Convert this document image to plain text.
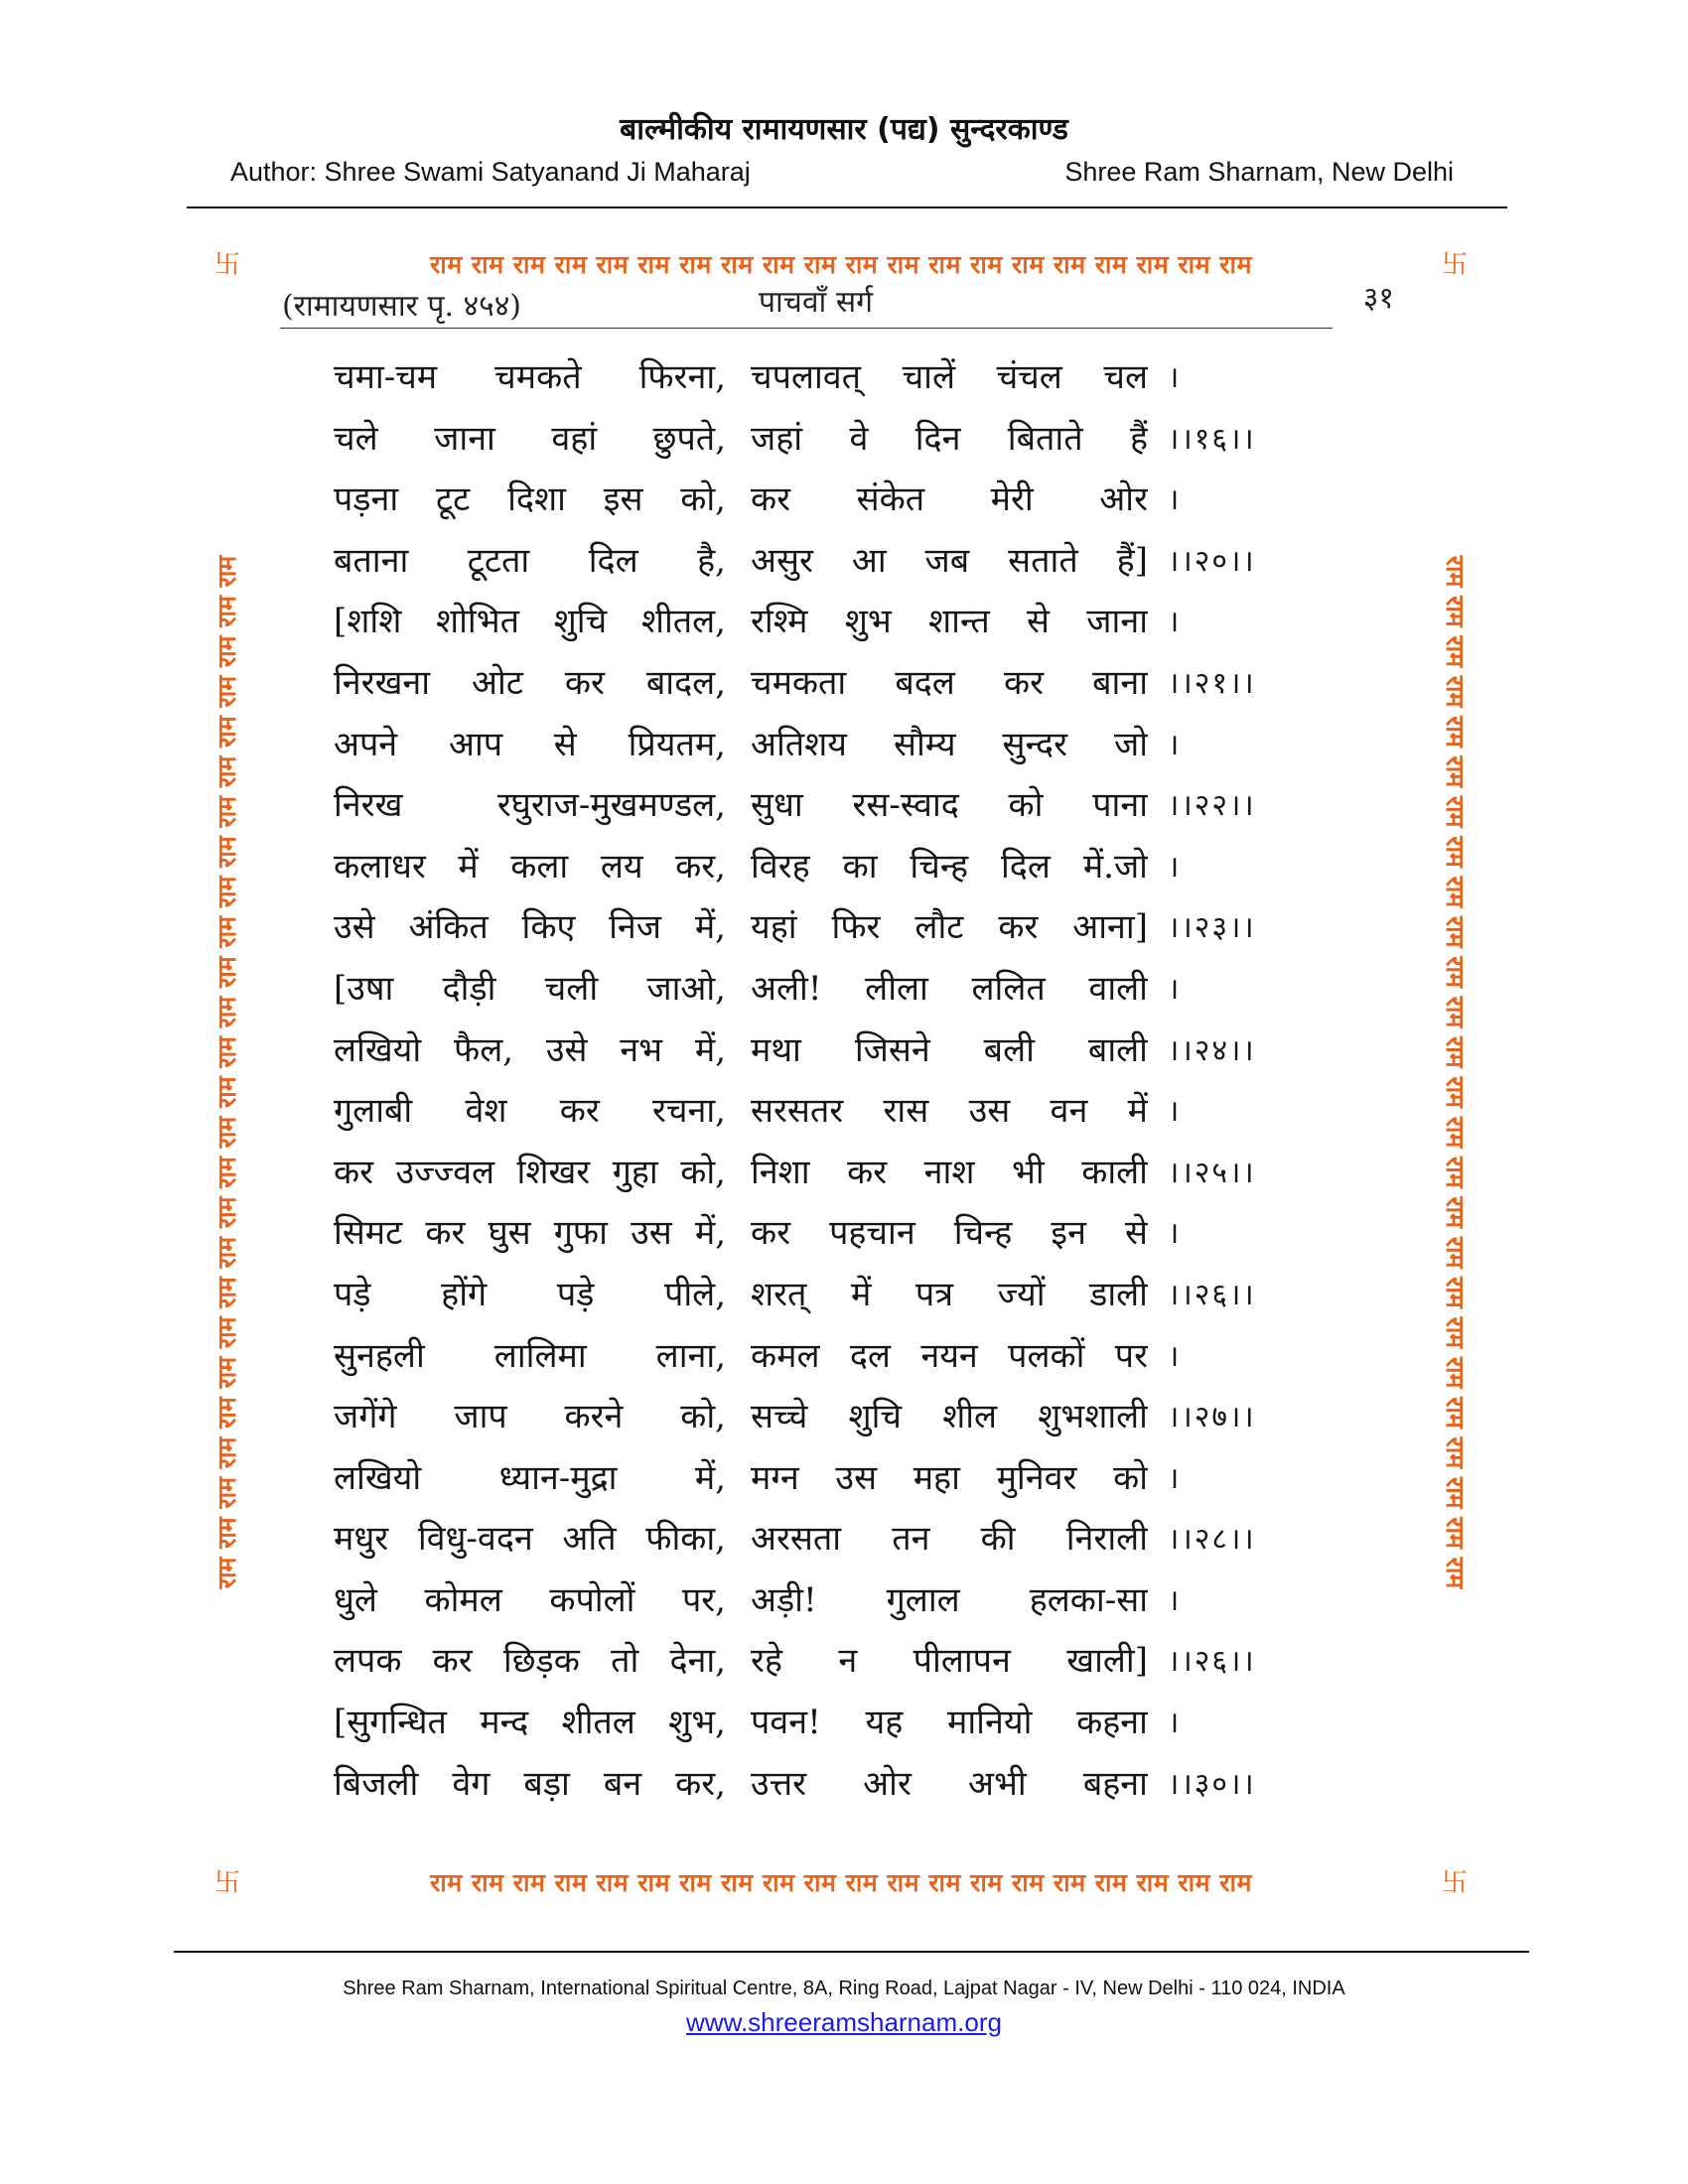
बाल्मीकीय रामायणसार (पद्य) सुन्दरकाण्ड
Author: Shree Swami Satyanand Ji Maharaj	Shree Ram Sharnam, New Delhi
卐	卐
卐	卐
राम राम राम राम राम राम राम राम राम राम राम राम राम राम राम राम राम राम राम राम
राम राम राम राम राम राम राम राम राम राम राम राम राम राम राम राम राम राम राम राम
राम राम राम राम राम राम राम राम राम राम राम राम राम राम राम राम राम राम राम राम राम राम राम राम राम राम	राम राम राम राम राम राम राम राम राम राम राम राम राम राम राम राम राम राम राम राम राम राम राम राम राम राम
(रामायणसार पृ. ४५४)	पाचवाँ सर्ग	३१
चमा-चम चमकते फिरना, चपलावत् चालें चंचल चल ।
चले जाना वहां छुपते, जहां वे दिन बिताते हैं ।।१६।।
पड़ना टूट दिशा इस को, कर संकेत मेरी ओर ।
बताना टूटता दिल है, असुर आ जब सताते हैं] ।।२०।।
[शशि शोभित शुचि शीतल, रश्मि शुभ शान्त से जाना ।
निरखना ओट कर बादल, चमकता बदल कर बाना ।।२१।।
अपने आप से प्रियतम, अतिशय सौम्य सुन्दर जो ।
निरख रघुराज-मुखमण्डल, सुधा रस-स्वाद को पाना ।।२२।।
कलाधर में कला लय कर, विरह का चिन्ह दिल में.जो ।
उसे अंकित किए निज में, यहां फिर लौट कर आना] ।।२३।।
[उषा दौड़ी चली जाओ, अली! लीला ललित वाली ।
लखियो फैल, उसे नभ में, मथा जिसने बली बाली ।।२४।।
गुलाबी वेश कर रचना, सरसतर रास उस वन में ।
कर उज्ज्वल शिखर गुहा को, निशा कर नाश भी काली ।।२५।।
सिमट कर घुस गुफा उस में, कर पहचान चिन्ह इन से ।
पड़े होंगे पड़े पीले, शरत् में पत्र ज्यों डाली ।।२६।।
सुनहली लालिमा लाना, कमल दल नयन पलकों पर ।
जगेंगे जाप करने को, सच्चे शुचि शील शुभशाली ।।२७।।
लखियो ध्यान-मुद्रा में, मग्न उस महा मुनिवर को ।
मधुर विधु-वदन अति फीका, अरसता तन की निराली ।।२८।।
धुले कोमल कपोलों पर, अड़ी! गुलाल हलका-सा ।
लपक कर छिड़क तो देना, रहे न पीलापन खाली] ।।२६।।
[सुगन्धित मन्द शीतल शुभ, पवन! यह मानियो कहना ।
बिजली वेग बड़ा बन कर, उत्तर ओर अभी बहना ।।३०।।
Shree Ram Sharnam, International Spiritual Centre, 8A, Ring Road, Lajpat Nagar - IV, New Delhi - 110 024, INDIA
www.shreeramsharnam.org
